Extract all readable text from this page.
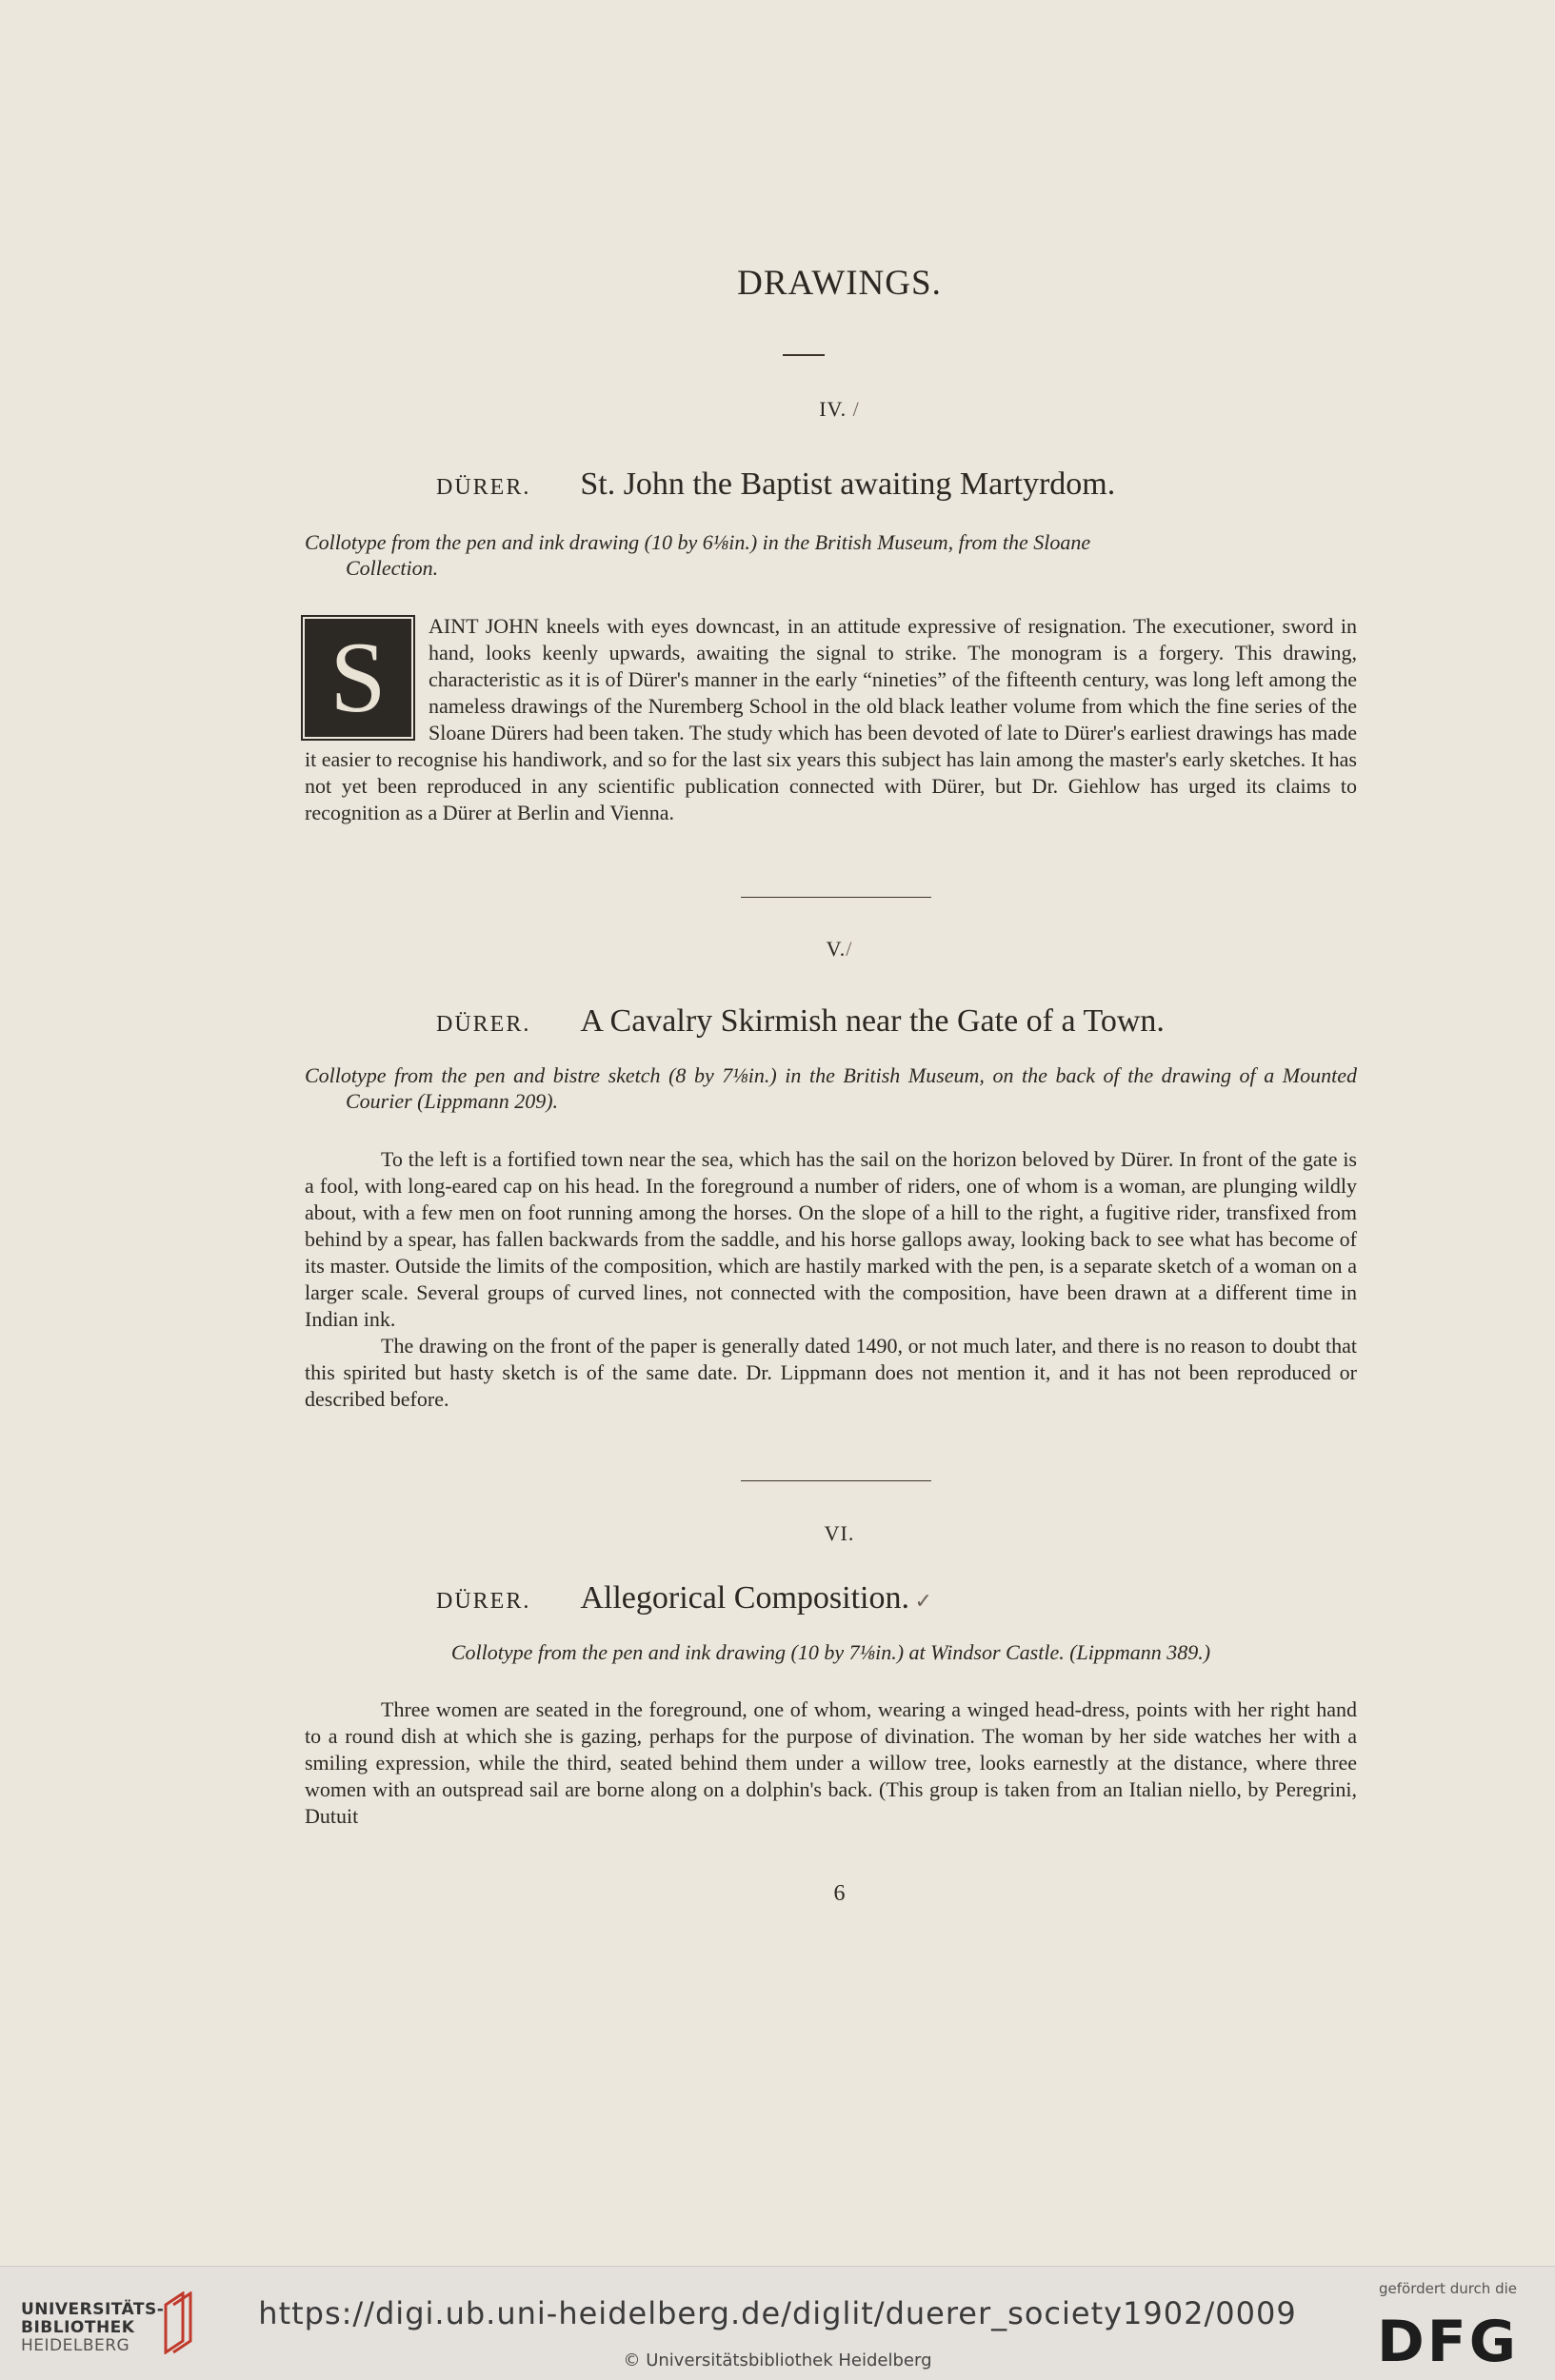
DRAWINGS.
IV. /
DÜRER. St. John the Baptist awaiting Martyrdom.
Collotype from the pen and ink drawing (10 by 6⅛in.) in the British Museum, from the Sloane
Collection.
S	AINT JOHN kneels with eyes downcast, in an attitude expressive of resignation. The executioner, sword in hand, looks keenly upwards, awaiting the signal to strike. The monogram is a forgery. This drawing, characteristic as it is of Dürer's manner in the early “nineties” of the fifteenth century, was long left among the nameless drawings of the Nuremberg School in the old black leather volume from which the fine series of the Sloane Dürers had been taken. The study which has been devoted of late to Dürer's earliest drawings has made it easier to recognise his handiwork, and so for the last six years this subject has lain among the master's early sketches. It has not yet been reproduced in any scientific publication connected with Dürer, but Dr. Giehlow has urged its claims to recognition as a Dürer at Berlin and Vienna.

V./
DÜRER. A Cavalry Skirmish near the Gate of a Town.
Collotype from the pen and bistre sketch (8 by 7⅛in.) in the British Museum, on the back of the drawing of a Mounted Courier (Lippmann 209).

To the left is a fortified town near the sea, which has the sail on the horizon beloved by Dürer. In front of the gate is a fool, with long-eared cap on his head. In the foreground a number of riders, one of whom is a woman, are plunging wildly about, with a few men on foot running among the horses. On the slope of a hill to the right, a fugitive rider, transfixed from behind by a spear, has fallen backwards from the saddle, and his horse gallops away, looking back to see what has become of its master. Outside the limits of the composition, which are hastily marked with the pen, is a separate sketch of a woman on a larger scale. Several groups of curved lines, not connected with the composition, have been drawn at a different time in Indian ink.

The drawing on the front of the paper is generally dated 1490, or not much later, and there is no reason to doubt that this spirited but hasty sketch is of the same date. Dr. Lippmann does not mention it, and it has not been reproduced or described before.

VI.
DÜRER. Allegorical Composition. ✓
Collotype from the pen and ink drawing (10 by 7⅛in.) at Windsor Castle. (Lippmann 389.)

Three women are seated in the foreground, one of whom, wearing a winged head-dress, points with her right hand to a round dish at which she is gazing, perhaps for the purpose of divination. The woman by her side watches her with a smiling expression, while the third, seated behind them under a willow tree, looks earnestly at the distance, where three women with an outspread sail are borne along on a dolphin's back. (This group is taken from an Italian niello, by Peregrini, Dutuit

6
UNIVERSITÄTS-
BIBLIOTHEK
HEIDELBERG
https://digi.ub.uni-heidelberg.de/diglit/duerer_society1902/0009
© Universitätsbibliothek Heidelberg
gefördert durch die
DFG
